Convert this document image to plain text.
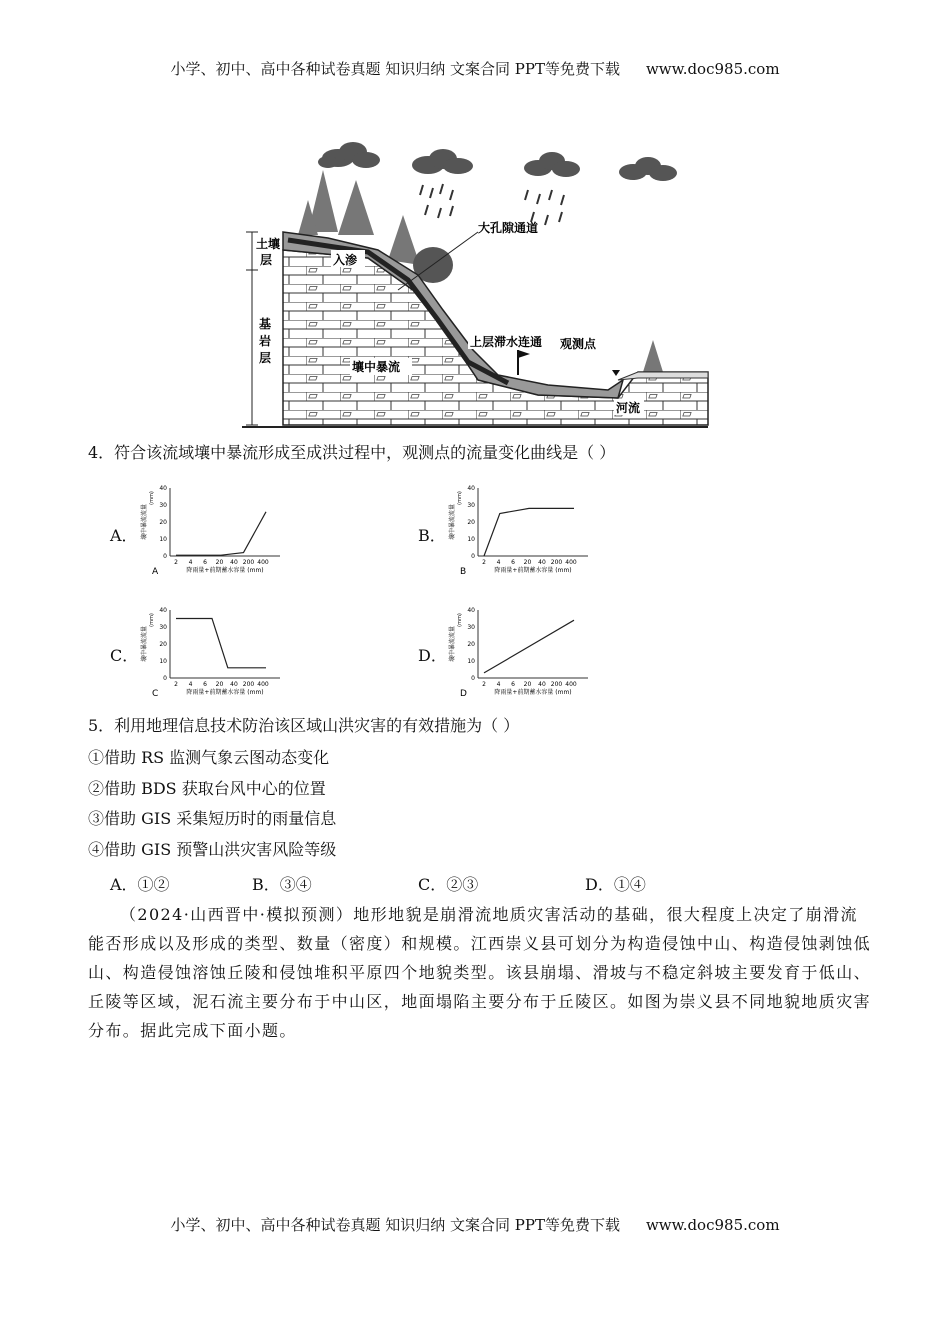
小学、初中、高中各种试卷真题 知识归纳 文案合同 PPT等免费下载 www.doc985.com
土壤
层
基
岩
层
入渗
大孔隙通道
上层滞水连通 观测点
壤中暴流
河流
4．符合该流域壤中暴流形成至成洪过程中，观测点的流量变化曲线是（ ）
A．	B．
C．	D．
壤中暴流流量
(mm)
40
30
20
10
0
2 4 6 20 40 200 400
降雨量+前期蓄水容量 (mm)
A
壤中暴流流量
(mm)
40
30
20
10
0
2 4 6 20 40 200 400
降雨量+前期蓄水容量 (mm)
B
壤中暴流流量
(mm)
40
30
20
10
0
2 4 6 20 40 200 400
降雨量+前期蓄水容量 (mm)
C
壤中暴流流量
(mm)
40
30
20
10
0
2 4 6 20 40 200 400
降雨量+前期蓄水容量 (mm)
D
5．利用地理信息技术防治该区域山洪灾害的有效措施为（ ）
①借助 RS 监测气象云图动态变化
②借助 BDS 获取台风中心的位置
③借助 GIS 采集短历时的雨量信息
④借助 GIS 预警山洪灾害风险等级
A．①②	B．③④	C．②③	D．①④
（2024·山西晋中·模拟预测）地形地貌是崩滑流地质灾害活动的基础，很大程度上决定了崩滑流能否形成以及形成的类型、数量（密度）和规模。江西崇义县可划分为构造侵蚀中山、构造侵蚀剥蚀低山、构造侵蚀溶蚀丘陵和侵蚀堆积平原四个地貌类型。该县崩塌、滑坡与不稳定斜坡主要发育于低山、丘陵等区域，泥石流主要分布于中山区，地面塌陷主要分布于丘陵区。如图为崇义县不同地貌地质灾害分布。据此完成下面小题。
小学、初中、高中各种试卷真题 知识归纳 文案合同 PPT等免费下载 www.doc985.com
